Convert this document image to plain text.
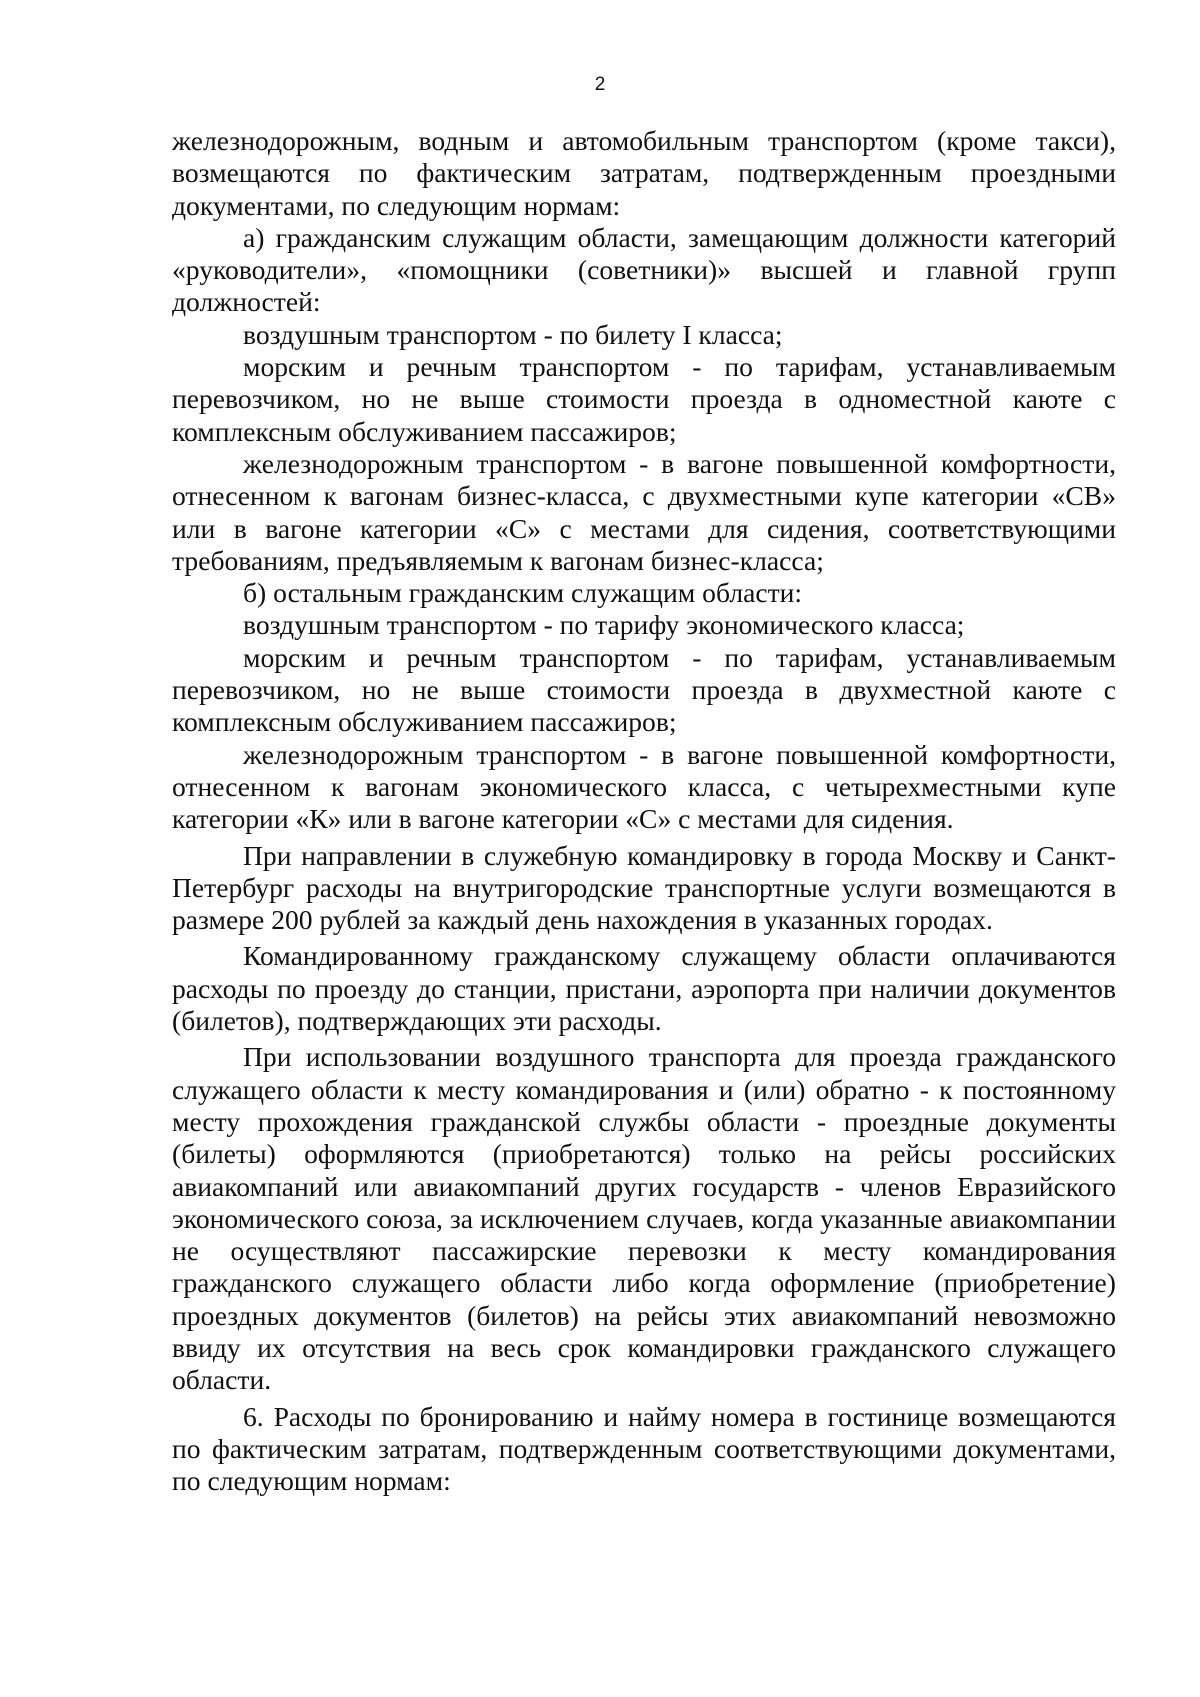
2

железнодорожным, водным и автомобильным транспортом (кроме такси), возмещаются по фактическим затратам, подтвержденным проездными документами, по следующим нормам:

а) гражданским служащим области, замещающим должности категорий «руководители», «помощники (советники)» высшей и главной групп должностей:

воздушным транспортом - по билету I класса;

морским и речным транспортом - по тарифам, устанавливаемым перевозчиком, но не выше стоимости проезда в одноместной каюте с комплексным обслуживанием пассажиров;

железнодорожным транспортом - в вагоне повышенной комфортности, отнесенном к вагонам бизнес-класса, с двухместными купе категории «СВ» или в вагоне категории «С» с местами для сидения, соответствующими требованиям, предъявляемым к вагонам бизнес-класса;

б) остальным гражданским служащим области:

воздушным транспортом - по тарифу экономического класса;

морским и речным транспортом - по тарифам, устанавливаемым перевозчиком, но не выше стоимости проезда в двухместной каюте с комплексным обслуживанием пассажиров;

железнодорожным транспортом - в вагоне повышенной комфортности, отнесенном к вагонам экономического класса, с четырехместными купе категории «К» или в вагоне категории «С» с местами для сидения.

При направлении в служебную командировку в города Москву и Санкт-Петербург расходы на внутригородские транспортные услуги возмещаются в размере 200 рублей за каждый день нахождения в указанных городах.

Командированному гражданскому служащему области оплачиваются расходы по проезду до станции, пристани, аэропорта при наличии документов (билетов), подтверждающих эти расходы.

При использовании воздушного транспорта для проезда гражданского служащего области к месту командирования и (или) обратно - к постоянному месту прохождения гражданской службы области - проездные документы (билеты) оформляются (приобретаются) только на рейсы российских авиакомпаний или авиакомпаний других государств - членов Евразийского экономического союза, за исключением случаев, когда указанные авиакомпании не осуществляют пассажирские перевозки к месту командирования гражданского служащего области либо когда оформление (приобретение) проездных документов (билетов) на рейсы этих авиакомпаний невозможно ввиду их отсутствия на весь срок командировки гражданского служащего области.

6. Расходы по бронированию и найму номера в гостинице возмещаются по фактическим затратам, подтвержденным соответствующими документами, по следующим нормам:
